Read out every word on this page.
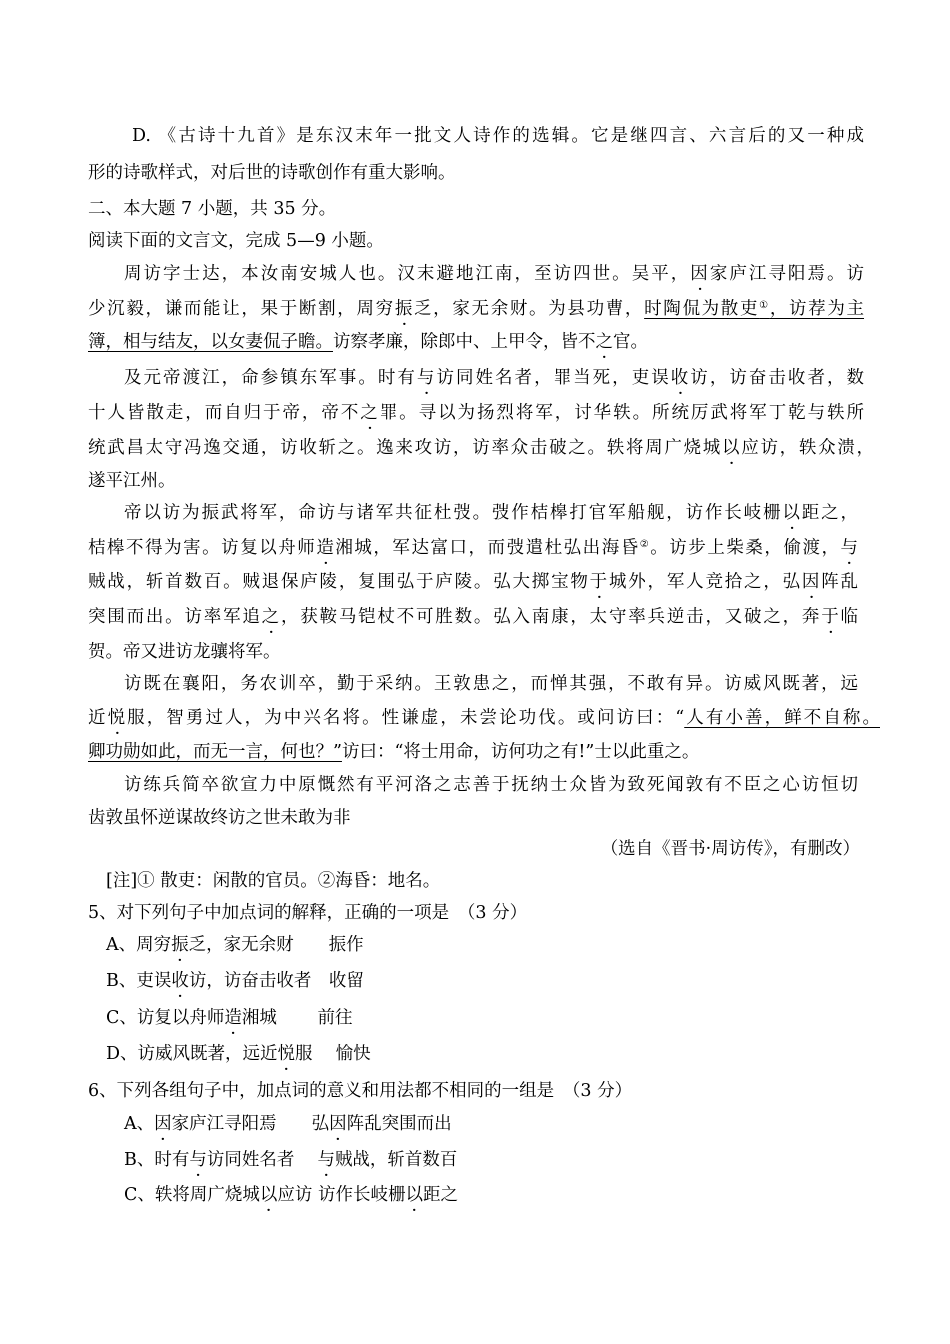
D. 《古诗十九首》是东汉末年一批文人诗作的选辑。它是继四言、六言后的又一种成
形的诗歌样式，对后世的诗歌创作有重大影响。
二、本大题 7 小题，共 35 分。
阅读下面的文言文，完成 5—9 小题。
周访字士达，本汝南安城人也。汉末避地江南，至访四世。吴平，因家庐江寻阳焉。访
少沉毅，谦而能让，果于断割，周穷振乏，家无余财。为县功曹，时陶侃为散吏①，访荐为主
簿，相与结友，以女妻侃子瞻。访察孝廉，除郎中、上甲令，皆不之官。
及元帝渡江，命参镇东军事。时有与访同姓名者，罪当死，吏误收访，访奋击收者，数
十人皆散走，而自归于帝，帝不之罪。寻以为扬烈将军，讨华轶。所统厉武将军丁乾与轶所
统武昌太守冯逸交通，访收斩之。逸来攻访，访率众击破之。轶将周广烧城以应访，轶众溃，
遂平江州。
帝以访为振武将军，命访与诸军共征杜弢。弢作桔槔打官军船舰，访作长岐栅以距之，
桔槔不得为害。访复以舟师造湘城，军达富口，而弢遣杜弘出海昏②。访步上柴桑，偷渡，与
贼战，斩首数百。贼退保庐陵，复围弘于庐陵。弘大掷宝物于城外，军人竞拾之，弘因阵乱
突围而出。访率军追之，获鞍马铠杖不可胜数。弘入南康，太守率兵逆击，又破之，奔于临
贺。帝又进访龙骧将军。
访既在襄阳，务农训卒，勤于采纳。王敦患之，而惮其强，不敢有异。访威风既著，远
近悦服，智勇过人，为中兴名将。性谦虚，未尝论功伐。或问访曰：“人有小善，鲜不自称。
卿功勋如此，而无一言，何也？”访曰：“将士用命，访何功之有!”士以此重之。
访练兵简卒欲宣力中原慨然有平河洛之志善于抚纳士众皆为致死闻敦有不臣之心访恒切
齿敦虽怀逆谋故终访之世未敢为非
（选自《晋书·周访传》，有删改）
[注]① 散吏：闲散的官员。②海昏：地名。
5、对下列句子中加点词的解释，正确的一项是　（3 分）
A、周穷振乏，家无余财　　振作
B、吏误收访，访奋击收者　收留
C、访复以舟师造湘城　　 前往
D、访威风既著，远近悦服　 愉快
6、下列各组句子中，加点词的意义和用法都不相同的一组是　（3 分）
A、因家庐江寻阳焉　　弘因阵乱突围而出
B、时有与访同姓名者　 与贼战，斩首数百
C、轶将周广烧城以应访 访作长岐栅以距之
